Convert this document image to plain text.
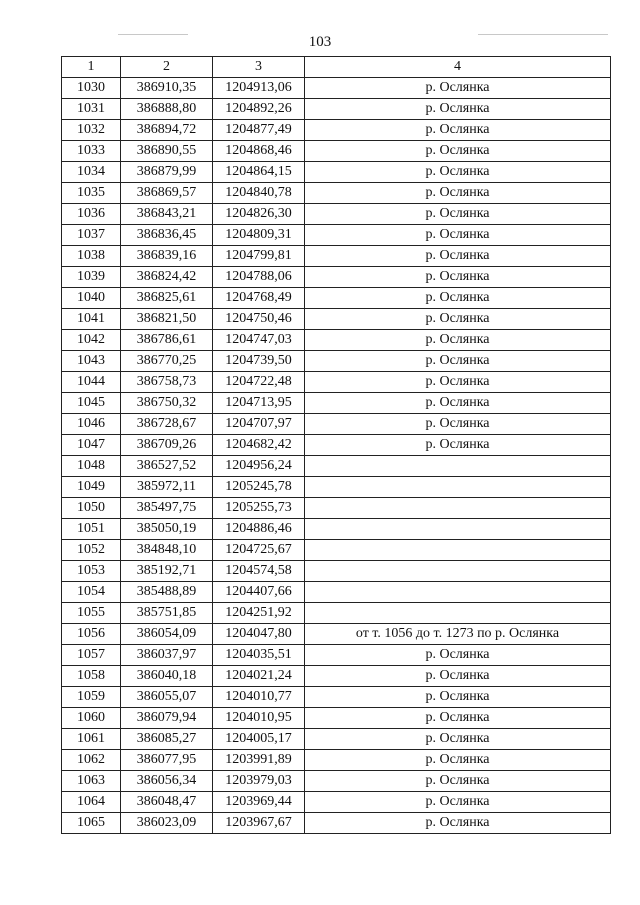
103
1	2	3	4
1030	386910,35	1204913,06	р. Ослянка
1031	386888,80	1204892,26	р. Ослянка
1032	386894,72	1204877,49	р. Ослянка
1033	386890,55	1204868,46	р. Ослянка
1034	386879,99	1204864,15	р. Ослянка
1035	386869,57	1204840,78	р. Ослянка
1036	386843,21	1204826,30	р. Ослянка
1037	386836,45	1204809,31	р. Ослянка
1038	386839,16	1204799,81	р. Ослянка
1039	386824,42	1204788,06	р. Ослянка
1040	386825,61	1204768,49	р. Ослянка
1041	386821,50	1204750,46	р. Ослянка
1042	386786,61	1204747,03	р. Ослянка
1043	386770,25	1204739,50	р. Ослянка
1044	386758,73	1204722,48	р. Ослянка
1045	386750,32	1204713,95	р. Ослянка
1046	386728,67	1204707,97	р. Ослянка
1047	386709,26	1204682,42	р. Ослянка
1048	386527,52	1204956,24	
1049	385972,11	1205245,78	
1050	385497,75	1205255,73	
1051	385050,19	1204886,46	
1052	384848,10	1204725,67	
1053	385192,71	1204574,58	
1054	385488,89	1204407,66	
1055	385751,85	1204251,92	
1056	386054,09	1204047,80	от т. 1056 до т. 1273 по р. Ослянка
1057	386037,97	1204035,51	р. Ослянка
1058	386040,18	1204021,24	р. Ослянка
1059	386055,07	1204010,77	р. Ослянка
1060	386079,94	1204010,95	р. Ослянка
1061	386085,27	1204005,17	р. Ослянка
1062	386077,95	1203991,89	р. Ослянка
1063	386056,34	1203979,03	р. Ослянка
1064	386048,47	1203969,44	р. Ослянка
1065	386023,09	1203967,67	р. Ослянка
